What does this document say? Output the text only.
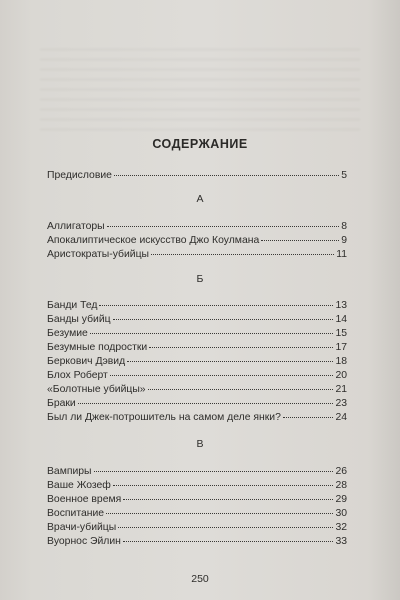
СОДЕРЖАНИЕ
Предисловие	5
А
Аллигаторы	8
Апокалиптическое искусство Джо Коулмана	9
Аристократы-убийцы	11
Б
Банди Тед	13
Банды убийц	14
Безумие	15
Безумные подростки	17
Беркович Дэвид	18
Блох Роберт	20
«Болотные убийцы»	21
Браки	23
Был ли Джек-потрошитель на самом деле янки?	24
В
Вампиры	26
Ваше Жозеф	28
Военное время	29
Воспитание	30
Врачи-убийцы	32
Вуорнос Эйлин	33
250
